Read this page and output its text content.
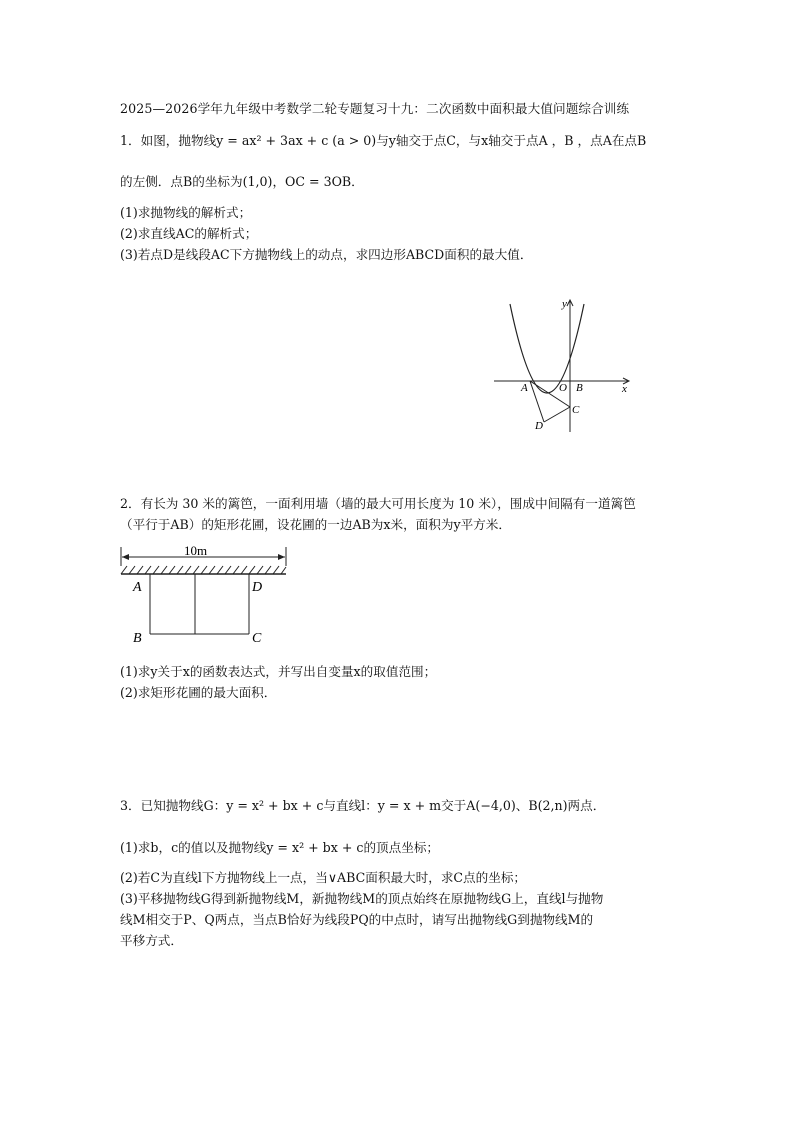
2025—2026学年九年级中考数学二轮专题复习十九：二次函数中面积最大值问题综合训练
1．如图，抛物线y = ax² + 3ax + c (a > 0)与y轴交于点C，与x轴交于点A ，B ，点A在点B
的左侧．点B的坐标为(1,0)，OC = 3OB．
(1)求抛物线的解析式；
(2)求直线AC的解析式；
(3)若点D是线段AC下方抛物线上的动点，求四边形ABCD面积的最大值．
y
x
A	O B
C
D
2．有长为 30 米的篱笆，一面利用墙（墙的最大可用长度为 10 米），围成中间隔有一道篱笆
（平行于AB）的矩形花圃，设花圃的一边AB为x米，面积为y平方米．
10m
A	D
B	C
(1)求y关于x的函数表达式，并写出自变量x的取值范围；
(2)求矩形花圃的最大面积．
3．已知抛物线G：y = x² + bx + c与直线l：y = x + m交于A(−4,0)、B(2,n)两点．
(1)求b，c的值以及抛物线y = x² + bx + c的顶点坐标；
(2)若C为直线l下方抛物线上一点，当∨ABC面积最大时，求C点的坐标；
(3)平移抛物线G得到新抛物线M，新抛物线M的顶点始终在原抛物线G上，直线l与抛物
线M相交于P、Q两点，当点B恰好为线段PQ的中点时，请写出抛物线G到抛物线M的
平移方式．
